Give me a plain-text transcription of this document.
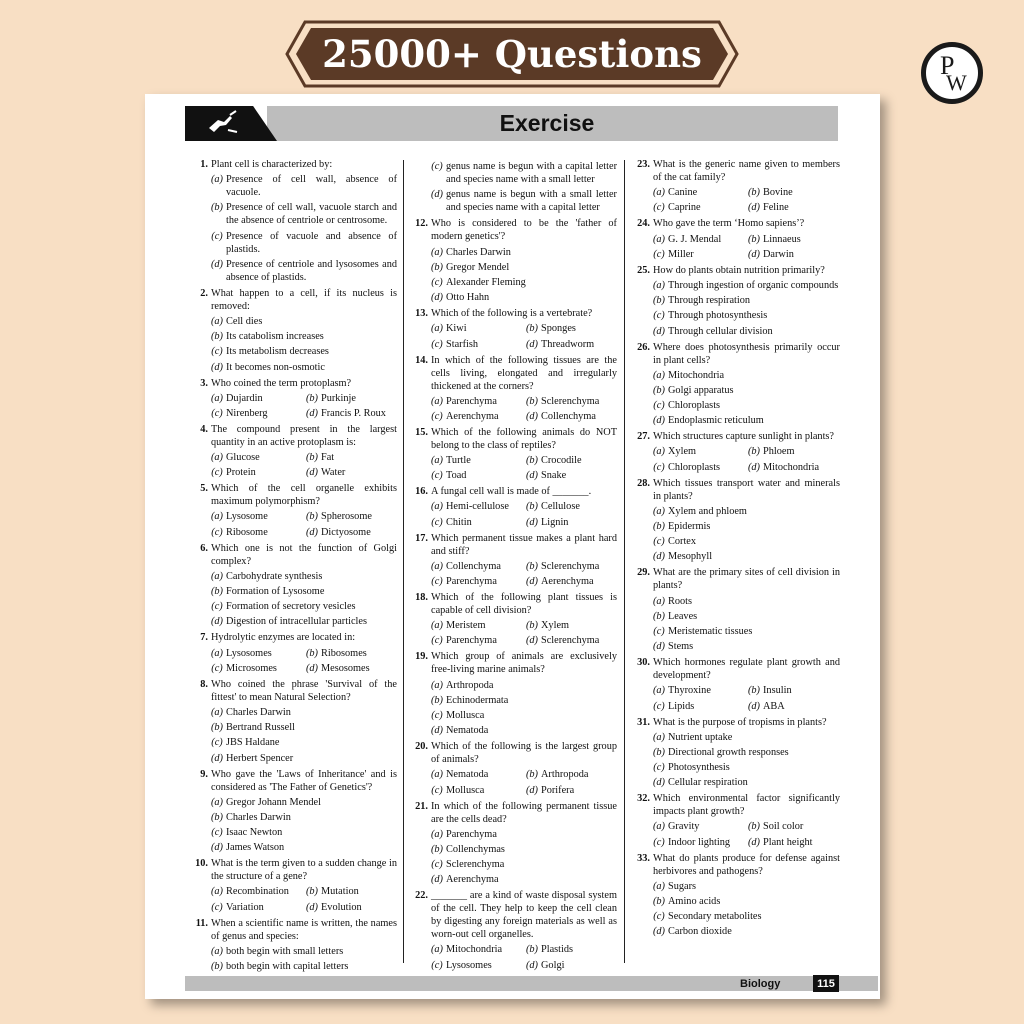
25000+ Questions	P
W
Exercise
1. Plant cell is characterized by:
(a) Presence of cell wall, absence of vacuole.
(b) Presence of cell wall, vacuole starch and the absence of centriole or centrosome.
(c) Presence of vacuole and absence of plastids.
(d) Presence of centriole and lysosomes and absence of plastids.
2. What happen to a cell, if its nucleus is removed:
(a) Cell dies
(b) Its catabolism increases
(c) Its metabolism decreases
(d) It becomes non-osmotic
3. Who coined the term protoplasm?
(a) Dujardin	(b) Purkinje
(c) Nirenberg	(d) Francis P. Roux
4. The compound present in the largest quantity in an active protoplasm is:
(a) Glucose	(b) Fat
(c) Protein	(d) Water
5. Which of the cell organelle exhibits maximum polymorphism?
(a) Lysosome	(b) Spherosome
(c) Ribosome	(d) Dictyosome
6. Which one is not the function of Golgi complex?
(a) Carbohydrate synthesis
(b) Formation of Lysosome
(c) Formation of secretory vesicles
(d) Digestion of intracellular particles
7. Hydrolytic enzymes are located in:
(a) Lysosomes	(b) Ribosomes
(c) Microsomes	(d) Mesosomes
8. Who coined the phrase 'Survival of the fittest' to mean Natural Selection?
(a) Charles Darwin
(b) Bertrand Russell
(c) JBS Haldane
(d) Herbert Spencer
9. Who gave the 'Laws of Inheritance' and is considered as 'The Father of Genetics'?
(a) Gregor Johann Mendel
(b) Charles Darwin
(c) Isaac Newton
(d) James Watson
10. What is the term given to a sudden change in the structure of a gene?
(a) Recombination (b) Mutation
(c) Variation	(d) Evolution
11. When a scientific name is written, the names of genus and species:
(a) both begin with small letters
(b) both begin with capital letters
(c) genus name is begun with a capital letter and species name with a small letter
(d) genus name is begun with a small letter and species name with a capital letter
12. Who is considered to be the 'father of modern genetics'?
(a) Charles Darwin
(b) Gregor Mendel
(c) Alexander Fleming
(d) Otto Hahn
13. Which of the following is a vertebrate?
(a) Kiwi	(b) Sponges
(c) Starfish	(d) Threadworm
14. In which of the following tissues are the cells living, elongated and irregularly thickened at the corners?
(a) Parenchyma	(b) Sclerenchyma
(c) Aerenchyma	(d) Collenchyma
15. Which of the following animals do NOT belong to the class of reptiles?
(a) Turtle	(b) Crocodile
(c) Toad	(d) Snake
16. A fungal cell wall is made of _______.
(a) Hemi-cellulose (b) Cellulose
(c) Chitin	(d) Lignin
17. Which permanent tissue makes a plant hard and stiff?
(a) Collenchyma (b) Sclerenchyma
(c) Parenchyma	(d) Aerenchyma
18. Which of the following plant tissues is capable of cell division?
(a) Meristem	(b) Xylem
(c) Parenchyma	(d) Sclerenchyma
19. Which group of animals are exclusively free-living marine animals?
(a) Arthropoda
(b) Echinodermata
(c) Mollusca
(d) Nematoda
20. Which of the following is the largest group of animals?
(a) Nematoda	(b) Arthropoda
(c) Mollusca	(d) Porifera
21. In which of the following permanent tissue are the cells dead?
(a) Parenchyma
(b) Collenchymas
(c) Sclerenchyma
(d) Aerenchyma
22. _______ are a kind of waste disposal system of the cell. They help to keep the cell clean by digesting any foreign materials as well as worn-out cell organelles.
(a) Mitochondria (b) Plastids
(c) Lysosomes	(d) Golgi
23. What is the generic name given to members of the cat family?
(a) Canine	(b) Bovine
(c) Caprine	(d) Feline
24. Who gave the term ‘Homo sapiens’?
(a) G. J. Mendal	(b) Linnaeus
(c) Miller	(d) Darwin
25. How do plants obtain nutrition primarily?
(a) Through ingestion of organic compounds
(b) Through respiration
(c) Through photosynthesis
(d) Through cellular division
26. Where does photosynthesis primarily occur in plant cells?
(a) Mitochondria
(b) Golgi apparatus
(c) Chloroplasts
(d) Endoplasmic reticulum
27. Which structures capture sunlight in plants?
(a) Xylem	(b) Phloem
(c) Chloroplasts	(d) Mitochondria
28. Which tissues transport water and minerals in plants?
(a) Xylem and phloem
(b) Epidermis
(c) Cortex
(d) Mesophyll
29. What are the primary sites of cell division in plants?
(a) Roots
(b) Leaves
(c) Meristematic tissues
(d) Stems
30. Which hormones regulate plant growth and development?
(a) Thyroxine	(b) Insulin
(c) Lipids	(d) ABA
31. What is the purpose of tropisms in plants?
(a) Nutrient uptake
(b) Directional growth responses
(c) Photosynthesis
(d) Cellular respiration
32. Which environmental factor significantly impacts plant growth?
(a) Gravity	(b) Soil color
(c) Indoor lighting (d) Plant height
33. What do plants produce for defense against herbivores and pathogens?
(a) Sugars
(b) Amino acids
(c) Secondary metabolites
(d) Carbon dioxide
Biology	115
